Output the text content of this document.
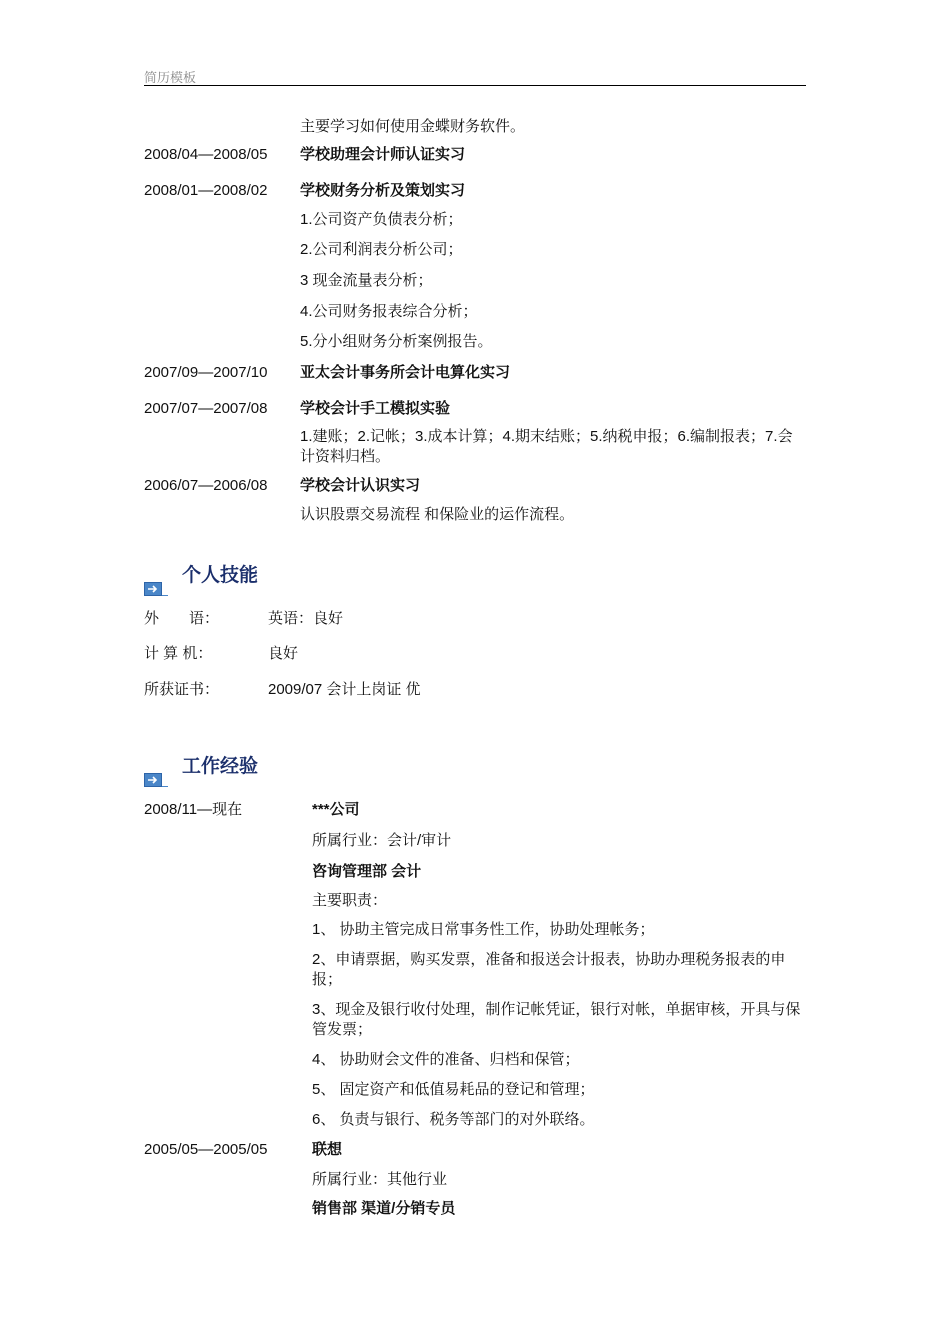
简历模板
主要学习如何使用金蝶财务软件。
2008/04—2008/05 学校助理会计师认证实习
2008/01—2008/02 学校财务分析及策划实习
1.公司资产负债表分析；
2.公司利润表分析公司；
3 现金流量表分析；
4.公司财务报表综合分析；
5.分小组财务分析案例报告。
2007/09—2007/10 亚太会计事务所会计电算化实习
2007/07—2007/08 学校会计手工模拟实验
1.建账；2.记帐；3.成本计算；4.期末结账；5.纳税申报；6.编制报表；7.会计资料归档。
2006/07—2006/08 学校会计认识实习
认识股票交易流程 和保险业的运作流程。
个人技能
外　　语：	英语：良好
计 算 机：	良好
所获证书：	2009/07 会计上岗证 优
工作经验
2008/11—现在	***公司
所属行业：会计/审计
咨询管理部 会计
主要职责：
1、 协助主管完成日常事务性工作，协助处理帐务；
2、申请票据，购买发票，准备和报送会计报表，协助办理税务报表的申报；
3、现金及银行收付处理，制作记帐凭证，银行对帐，单据审核，开具与保管发票；
4、 协助财会文件的准备、归档和保管；
5、 固定资产和低值易耗品的登记和管理；
6、 负责与银行、税务等部门的对外联络。
2005/05—2005/05	联想
所属行业：其他行业
销售部 渠道/分销专员
